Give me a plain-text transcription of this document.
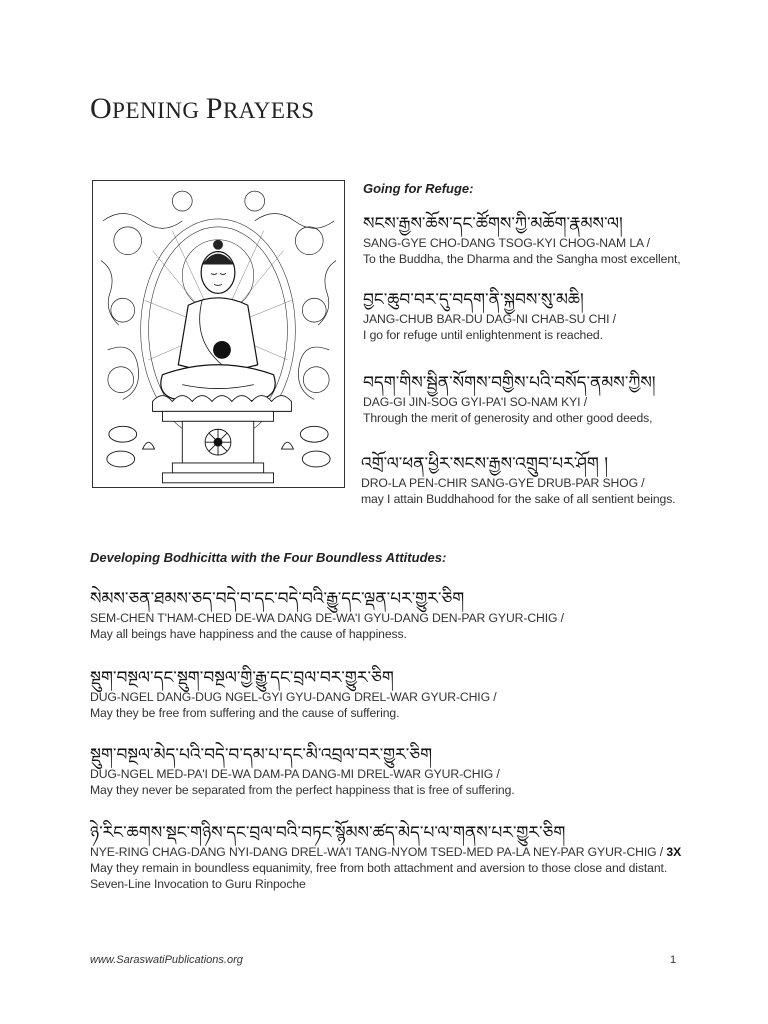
OPENING PRAYERS
Going for Refuge:
སངས་རྒྱས་ཆོས་དང་ཚོགས་ཀྱི་མཆོག་རྣམས་ལ།
SANG-GYE CHO-DANG TSOG-KYI CHOG-NAM LA /
To the Buddha, the Dharma and the Sangha most excellent,
བྱང་ཆུབ་བར་དུ་བདག་ནི་སྐྱབས་སུ་མཆི།
JANG-CHUB BAR-DU DAG-NI CHAB-SU CHI /
I go for refuge until enlightenment is reached.
བདག་གིས་སྦྱིན་སོགས་བགྱིས་པའི་བསོད་ནམས་ཀྱིས།
DAG-GI JIN-SOG GYI-PA'I SO-NAM KYI /
Through the merit of generosity and other good deeds,
འགྲོ་ལ་ཕན་ཕྱིར་སངས་རྒྱས་འགྲུབ་པར་ཤོག །
DRO-LA PEN-CHIR SANG-GYE DRUB-PAR SHOG /
may I attain Buddhahood for the sake of all sentient beings.
Developing Bodhicitta with the Four Boundless Attitudes:
སེམས་ཅན་ཐམས་ཅད་བདེ་བ་དང་བདེ་བའི་རྒྱུ་དང་ལྡན་པར་གྱུར་ཅིག
SEM-CHEN T'HAM-CHED DE-WA DANG DE-WA'I GYU-DANG DEN-PAR GYUR-CHIG /
May all beings have happiness and the cause of happiness.
སྡུག་བསྔལ་དང་སྡུག་བསྔལ་གྱི་རྒྱུ་དང་བྲལ་བར་གྱུར་ཅིག
DUG-NGEL DANG-DUG NGEL-GYI GYU-DANG DREL-WAR GYUR-CHIG /
May they be free from suffering and the cause of suffering.
སྡུག་བསྔལ་མེད་པའི་བདེ་བ་དམ་པ་དང་མི་འབྲལ་བར་གྱུར་ཅིག
DUG-NGEL MED-PA'I DE-WA DAM-PA DANG-MI DREL-WAR GYUR-CHIG /
May they never be separated from the perfect happiness that is free of suffering.
ཉེ་རིང་ཆགས་སྡང་གཉིས་དང་བྲལ་བའི་བཏང་སྙོམས་ཚད་མེད་པ་ལ་གནས་པར་གྱུར་ཅིག
NYE-RING CHAG-DANG NYI-DANG DREL-WA'I TANG-NYOM TSED-MED PA-LA NEY-PAR GYUR-CHIG / 3X
May they remain in boundless equanimity, free from both attachment and aversion to those close and distant.
Seven-Line Invocation to Guru Rinpoche
www.SaraswatiPublications.org	1
